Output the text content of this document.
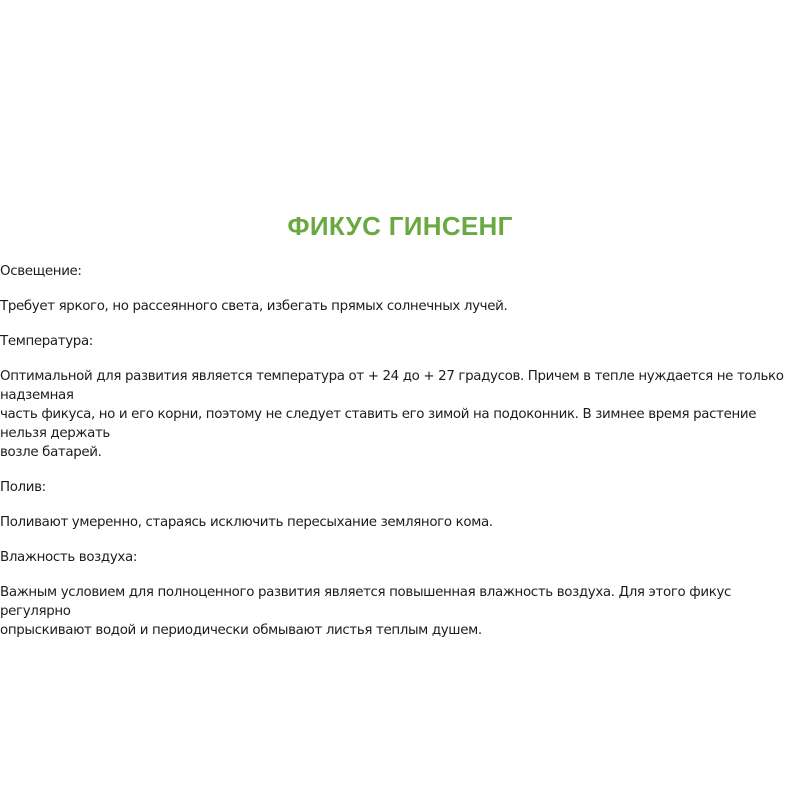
ФИКУС ГИНСЕНГ

Освещение:

Требует яркого, но рассеянного света, избегать прямых солнечных лучей.

Температура:

Оптимальной для развития является температура от + 24 до + 27 градусов. Причем в тепле нуждается не только надземная
часть фикуса, но и его корни, поэтому не следует ставить его зимой на подоконник. В зимнее время растение нельзя держать
возле батарей.

Полив:

Поливают умеренно, стараясь исключить пересыхание земляного кома.

Влажность воздуха:

Важным условием для полноценного развития является повышенная влажность воздуха. Для этого фикус регулярно
опрыскивают водой и периодически обмывают листья теплым душем.
